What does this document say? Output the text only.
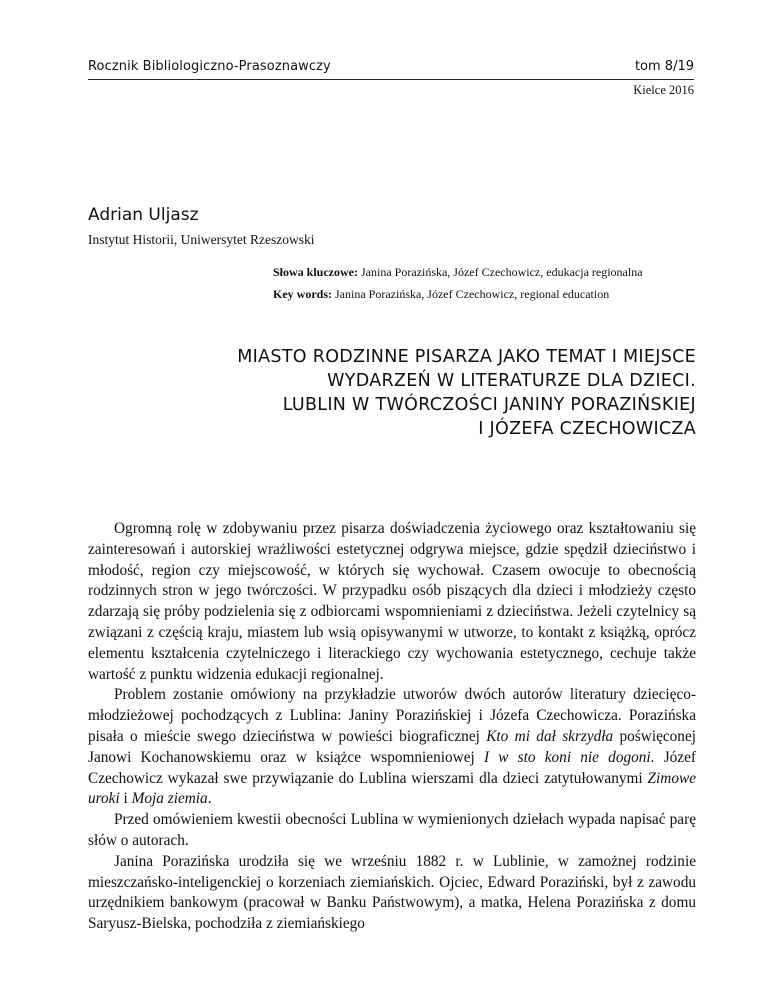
Rocznik Bibliologiczno-Prasoznawczy	tom 8/19
Kielce 2016
Adrian Uljasz
Instytut Historii, Uniwersytet Rzeszowski

Słowa kluczowe: Janina Porazińska, Józef Czechowicz, edukacja regionalna

Key words: Janina Porazińska, Józef Czechowicz, regional education

MIASTO RODZINNE PISARZA JAKO TEMAT I MIEJSCE
WYDARZEŃ W LITERATURZE DLA DZIECI.
LUBLIN W TWÓRCZOŚCI JANINY PORAZIŃSKIEJ
I JÓZEFA CZECHOWICZA

Ogromną rolę w zdobywaniu przez pisarza doświadczenia życiowego oraz kształtowaniu się zainteresowań i autorskiej wrażliwości estetycznej odgrywa miejsce, gdzie spędził dzieciństwo i młodość, region czy miejscowość, w których się wychował. Czasem owocuje to obecnością rodzinnych stron w jego twórczości. W przypadku osób piszących dla dzieci i młodzieży często zdarzają się próby podzielenia się z odbiorcami wspomnieniami z dzieciństwa. Jeżeli czytelnicy są związani z częścią kraju, miastem lub wsią opisywanymi w utworze, to kontakt z książką, oprócz elementu kształcenia czytelniczego i literackiego czy wychowania estetycznego, cechuje także wartość z punktu widzenia edukacji regionalnej.

Problem zostanie omówiony na przykładzie utworów dwóch autorów literatury dziecięco-młodzieżowej pochodzących z Lublina: Janiny Porazińskiej i Józefa Czechowicza. Porazińska pisała o mieście swego dzieciństwa w powieści biograficznej Kto mi dał skrzydła poświęconej Janowi Kochanowskiemu oraz w książce wspomnieniowej I w sto koni nie dogoni. Józef Czechowicz wykazał swe przywiązanie do Lublina wierszami dla dzieci zatytułowanymi Zimowe uroki i Moja ziemia.

Przed omówieniem kwestii obecności Lublina w wymienionych dziełach wypada napisać parę słów o autorach.

Janina Porazińska urodziła się we wrześniu 1882 r. w Lublinie, w zamożnej rodzinie mieszczańsko-inteligenckiej o korzeniach ziemiańskich. Ojciec, Edward Poraziński, był z zawodu urzędnikiem bankowym (pracował w Banku Państwowym), a matka, Helena Porazińska z domu Saryusz-Bielska, pochodziła z ziemiańskiego
